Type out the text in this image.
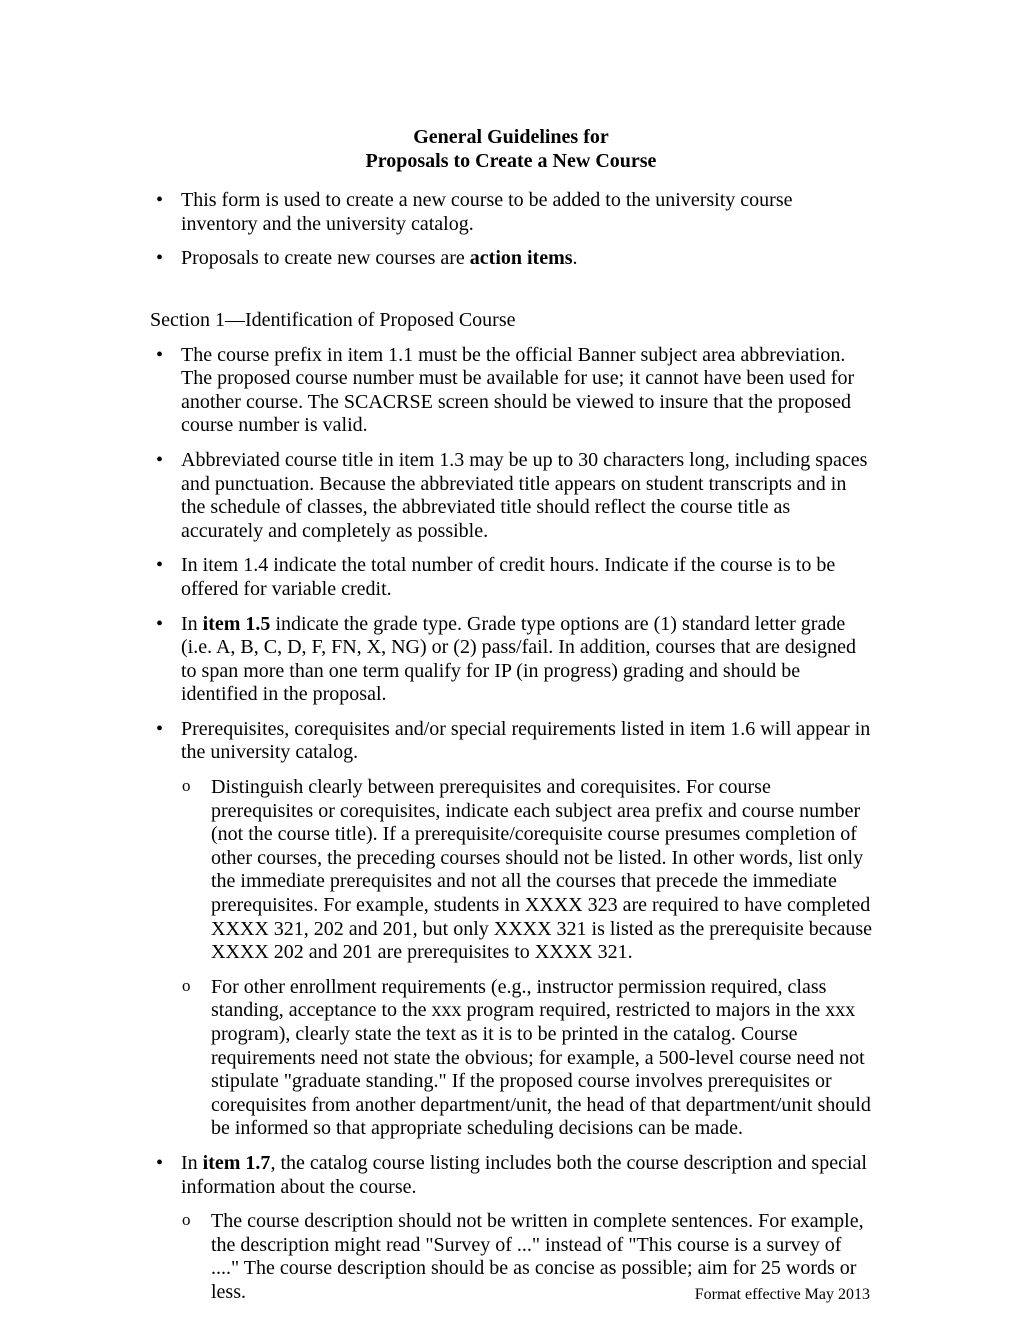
General Guidelines for
Proposals to Create a New Course
• This form is used to create a new course to be added to the university course inventory and the university catalog.
• Proposals to create new courses are action items.
Section 1—Identification of Proposed Course
• The course prefix in item 1.1 must be the official Banner subject area abbreviation. The proposed course number must be available for use; it cannot have been used for another course. The SCACRSE screen should be viewed to insure that the proposed course number is valid.
• Abbreviated course title in item 1.3 may be up to 30 characters long, including spaces and punctuation. Because the abbreviated title appears on student transcripts and in the schedule of classes, the abbreviated title should reflect the course title as accurately and completely as possible.
• In item 1.4 indicate the total number of credit hours. Indicate if the course is to be offered for variable credit.
• In item 1.5 indicate the grade type. Grade type options are (1) standard letter grade (i.e. A, B, C, D, F, FN, X, NG) or (2) pass/fail. In addition, courses that are designed to span more than one term qualify for IP (in progress) grading and should be identified in the proposal.
• Prerequisites, corequisites and/or special requirements listed in item 1.6 will appear in the university catalog.
o	Distinguish clearly between prerequisites and corequisites. For course prerequisites or corequisites, indicate each subject area prefix and course number (not the course title). If a prerequisite/corequisite course presumes completion of other courses, the preceding courses should not be listed. In other words, list only the immediate prerequisites and not all the courses that precede the immediate prerequisites. For example, students in XXXX 323 are required to have completed XXXX 321, 202 and 201, but only XXXX 321 is listed as the prerequisite because XXXX 202 and 201 are prerequisites to XXXX 321.
o	For other enrollment requirements (e.g., instructor permission required, class standing, acceptance to the xxx program required, restricted to majors in the xxx program), clearly state the text as it is to be printed in the catalog. Course requirements need not state the obvious; for example, a 500-level course need not stipulate "graduate standing." If the proposed course involves prerequisites or corequisites from another department/unit, the head of that department/unit should be informed so that appropriate scheduling decisions can be made.
• In item 1.7, the catalog course listing includes both the course description and special information about the course.
o	The course description should not be written in complete sentences. For example, the description might read "Survey of ..." instead of "This course is a survey of ...." The course description should be as concise as possible; aim for 25 words or less.	Format effective May 2013
